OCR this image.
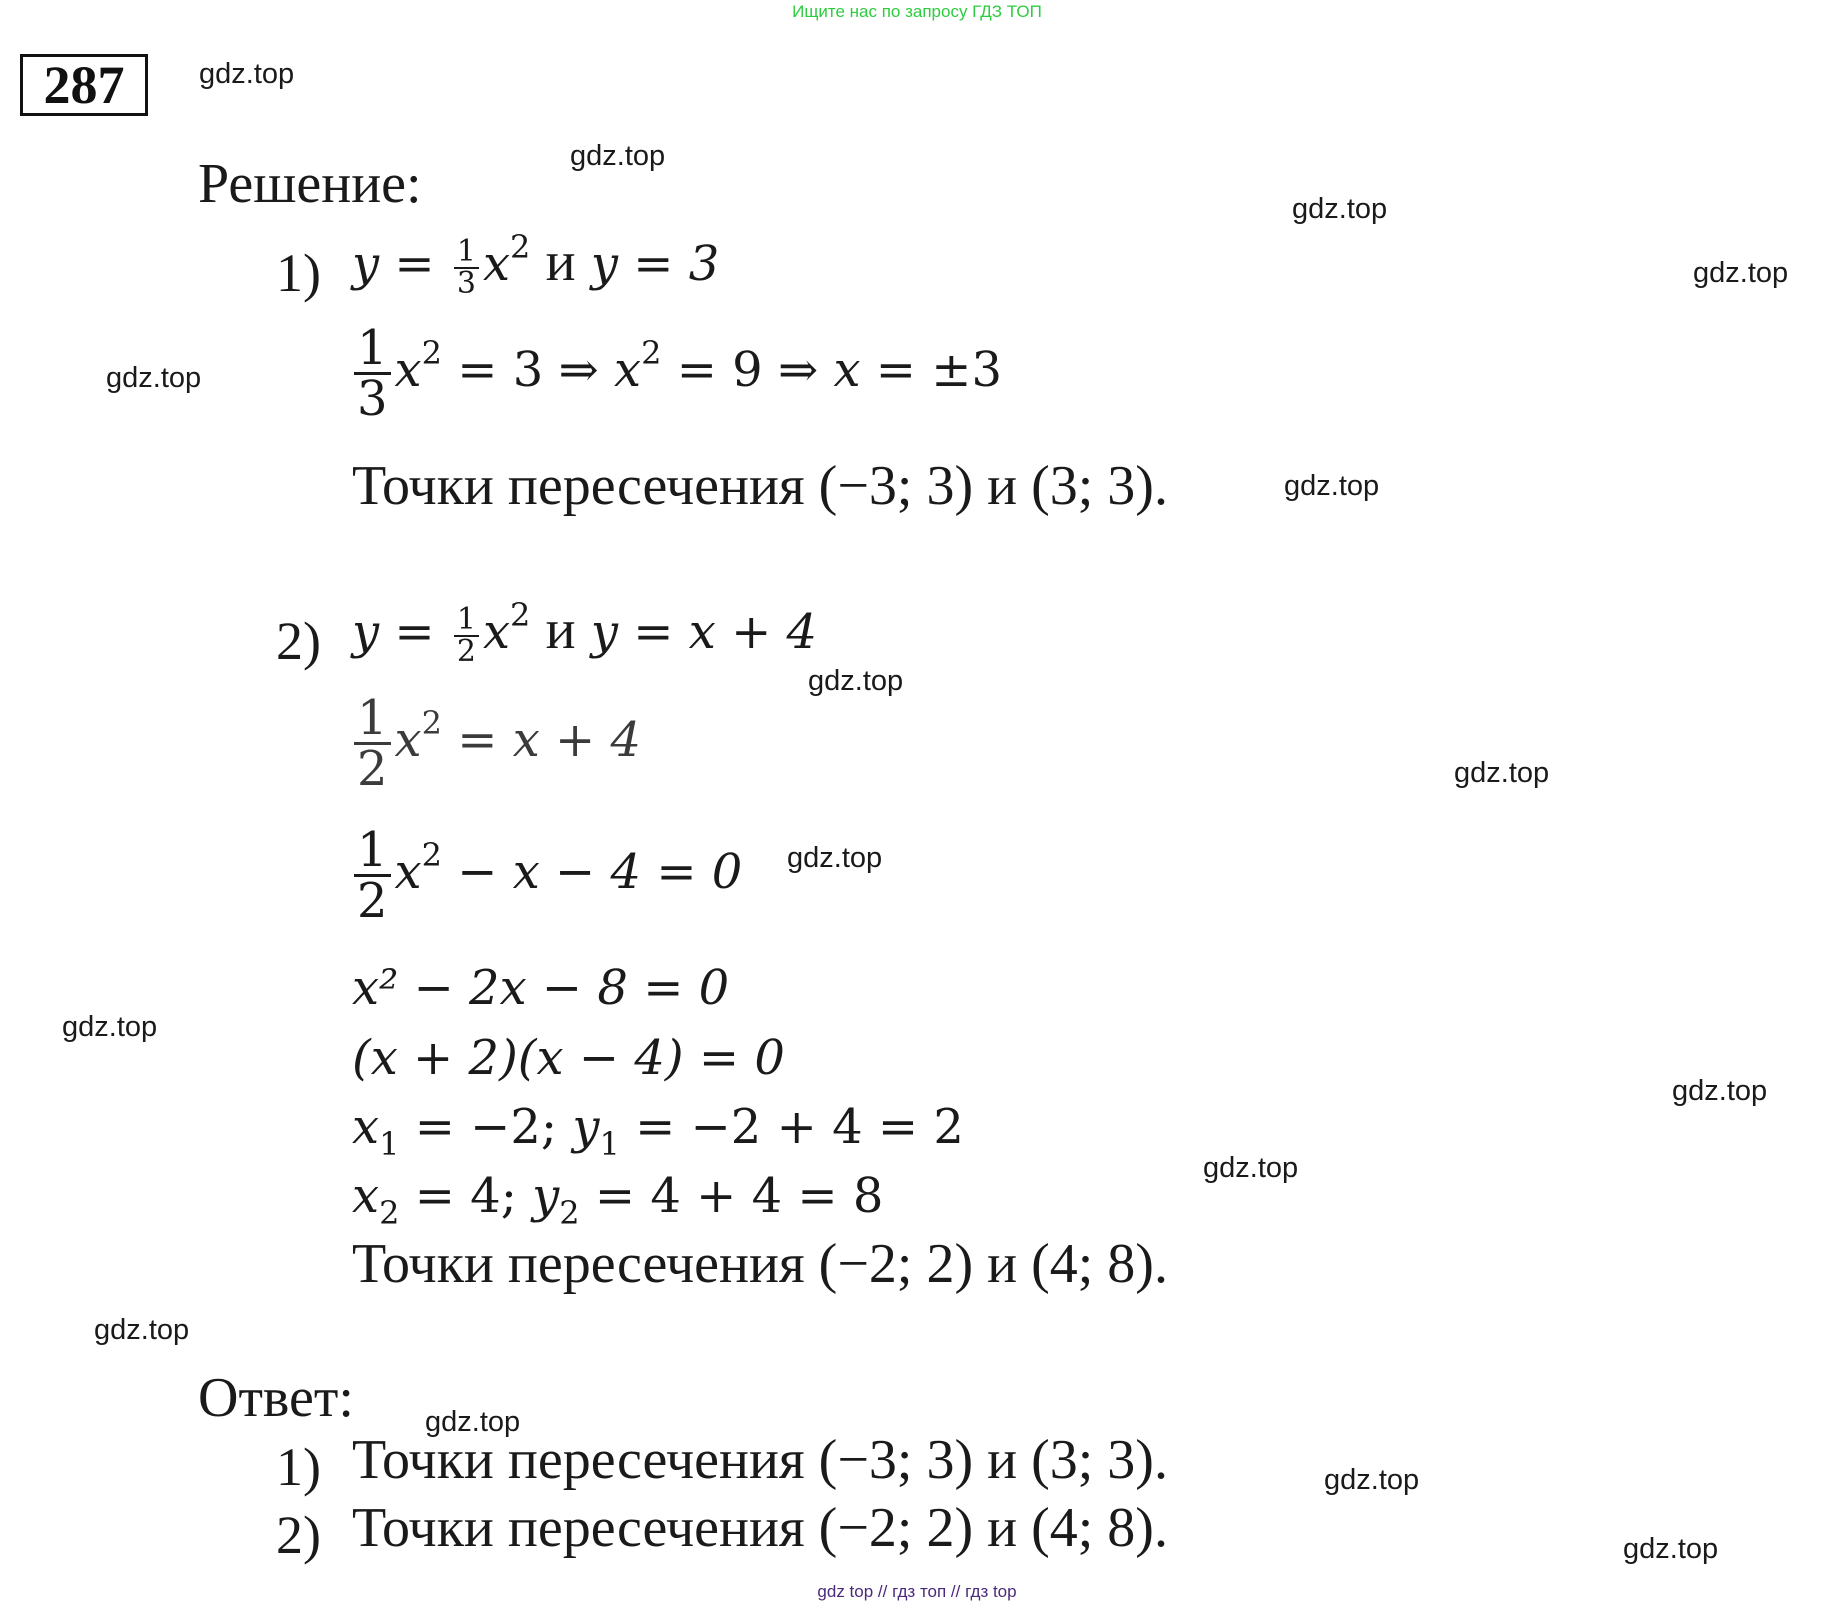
Ищите нас по запросу ГДЗ ТОП
287	gdz.top
gdz.top
gdz.top
gdz.top
gdz.top
gdz.top
gdz.top
gdz.top
gdz.top
gdz.top
gdz.top
gdz.top
gdz.top
gdz.top
gdz.top
gdz.top
Решение:
1) $y = \frac{1}{3} x^2$ и y = 3
$\frac{1}{3} x^2 = 3$ ⇒ $x^2 = 9$ ⇒ x = ±3
Точки пересечения (−3; 3) и (3; 3).
2) $y = \frac{1}{2} x^2$ и y = x + 4
$\frac{1}{2} x^2 = x + 4$
$\frac{1}{2} x^2 - x - 4 = 0$
x² − 2x − 8 = 0
(x + 2)(x − 4) = 0
$x_1 = -2$; $y_1 = -2 + 4 = 2$
$x_2 = 4$; $y_2 = 4 + 4 = 8$
Точки пересечения (−2; 2) и (4; 8).
Ответ:
1) Точки пересечения (−3; 3) и (3; 3).
2) Точки пересечения (−2; 2) и (4; 8).
gdz top // гдз топ // гдз top
